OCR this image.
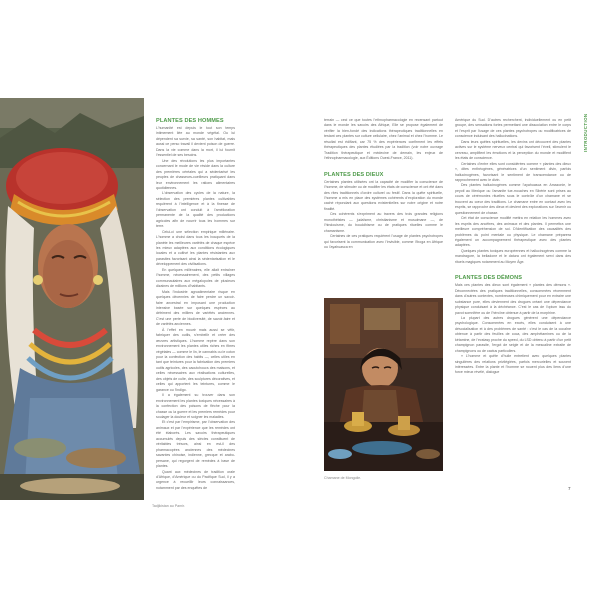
Tadjikistan au Pamir.
PLANTES DES HOMMES

L’humanité est depuis le tout son temps intimement liée au monde végétal. Ou lui dépendent sa survie, sa santé, son habitat, mais aussi ce perso travail il devient poison de guerre. Dans la vie comme dans la mort, il lui fournit l’essentiel de ses besoins.

Une des révolutions les plus importantes concernant le mode de vie réside dans la culture des premières céréales qui a sédentarisé les peuples de chasseurs-cueilleurs pratiquant dans leur environnement les rations alimentaires quotidiennes.

L’observation des cycles de la nature, la sélection des premières plantes cultivables requièrent à l’intelligence et à la finesse de l’observation ont conduit à l’amélioration permanente de la qualité des productions agricoles afin de nourrir tous les hommes sur terre.

Celui-ci une sélection empirique millénaire. L’homme a choisi dans tous les bouquets de la planète les meilleures variétés de chaque espèce les mieux adaptées aux conditions écologiques locales et a cultivé les plantes résistantes aux parasites favorisant ainsi la sédentarisation et le développement des civilisations.

En quelques millénaires, elle allait entraîner l’homme, nécessairement, des petits villages communautaires aux mégalopoles de plusieurs dizaines de millions d’habitants.

Mais l’industrie agroalimentaire risque en quelques décennies de faire perdre un savoir-faire ancestral en imposant une production intensive basée sur quelques espèces au détriment des milliers de variétés anciennes. C’est une perte de biodiversité, de savoir-faire et de variétés anciennes.

À l’effet en mourir mais aussi se vêtir, fabriquer des outils, s’embellir et créer des œuvres artistiques. L’homme repère dans son environnement les plantes utiles riches en fibres végétales — comme le lin, le cannabis ou le coton pour la confection des habits —, celles utiles en tant que teintures pour la fabrication des premiers outils agricoles, des caoutchoucs des maisons, et celles nécessaires aux réalisations culturelles, des objets de culte, des sculptures décoratives, et celles qui apportent les teintures, comme le garance ou l’indigo.

Il a également su trouver dans son environnement les plantes toxiques nécessaires à la confection des poisons de flèche pour la chasse ou la guerre et les premiers remèdes pour soulager la douleur et soigner les maladies.

Et c’est par l’empirisme, par l’observation des animaux et par l’expérience que les remèdes ont été élaborés. Les savoirs thérapeutiques accumulés depuis des siècles constituent de véritables trésors, ainsi en est-il des pharmacopées anciennes des médecines savantes chinoise, indienne, grecque et arabo-persane, qui regorgent de remèdes à base de plantes.

Quant aux médecines de tradition orale d’Afrique, d’Amérique ou du Pacifique Sud, il y a urgence à recueillir leurs connaissances, notamment par des enquêtes de

terrain — ceci ce que toutes l’ethnopharmacologie en recensant partout dans le monde les savoirs des Afrique, Elle se propose également de vérifier la bien-fondé des indications thérapeutiques traditionnelles en testant ces plantes sur culture cellulaire, chez l’animal et chez l’homme. Le résultat est édifiant, car 75 % des expériences confirment les effets thérapeutiques des plantes étudiées par la tradition (voir notre ouvrage Tradition thérapeutique et médecine de demain, les enjeux de l’ethnopharmacologie, aux Éditions Ouest-France, 2011).

PLANTES DES DIEUX

Certaines plantes utilisées ont la capacité de modifier la conscience de l’homme, de stimuler ou de modifier les états de conscience et ont été dans des rites traditionnels d’ordre culturel ou festif. Dans la quête spirituelle, l’homme a mis en place des systèmes cohérents d’exploration du monde caché répondant aux questions existentielles sur notre origine et notre finalité.

Ces cohérents s’expriment au travers des trois grandes religions monothéistes — judaïsme, christianisme et musulmane —, de l’hindouisme, du bouddhisme ou de pratiques rituelles comme le chamanisme.

Certaines de ces pratiques requièrent l’usage de plantes psychotropes qui favorisent la communication avec l’invisible, comme l’iboga en Afrique ou l’ayahuasca en

Chamane de Mongolie.

Amérique du Sud. D’autres recherchent, individuellement ou en petit groupe, des sensations fortes permettant une dissociation entre le corps et l’esprit par l’usage de ces plantes psychotropes ou modificatrices de conscience induisant des hallucinations.

Dans leurs quêtes spirituelles, les devins ont découvert des plantes actives sur le système nerveux central qui favorisent l’éveil, stimulent le cerveau, amplifient les émotions et la perception du monde et modifient les états de conscience.

Certaines d’entre elles sont considérées comme « plantes des dieux », dites enthéogènes, génératrices d’un sentiment divin, parfois hallucinogènes, favorisant le sentiment de transcendance ou de rapprochement avec le divin.

Des plantes hallucinogènes comme l’ayahuasca en Amazonie, le peyotl au Mexique ou l’amanite tue-mouches en Sibérie sont prises au cours de cérémonies rituelles sous le contrôle d’un chamane et se trouvent au cœur des traditions. Le chamane entre en contact avec les esprits, se rapproche des dieux et devient des explorations sur l’avenir ou questionnement de chasse.

Cet état de conscience modifié mettra en relation les hommes avec les esprits des ancêtres, des animaux et des plantes. Il permettra une meilleure compréhension de soi. D’identification des causalités des problèmes du point mentale ou physique. Le chamane préparera également un accompagnement thérapeutique avec des plantes adaptées.

Quelques plantes toxiques européennes et hallucinogènes comme la mandragore, la belladone et le datura ont également servi dans des rituels magiques notamment au Moyen Âge.

PLANTES DES DÉMONS

Mais ces plantes des dieux sont également « plantes des démons ». Déconnectées des pratiques traditionnelles, consommées récemment dans d’autres contextes, nombreuses chimiquement pour en extraire une substance pure, elles deviennent des drogues créant une dépendance physique conduisant à la déchéance. C’est le cas de l’opium issu du pavot somnifère ou de l’héroïne obtenue à partir de la morphine.

La plupart des autres drogues génèrent une dépendance psychologique. Consommées en excès, elles conduisent à une désocialisation et à des problèmes de santé : c’est le cas de la cocaïne obtenue à partir des feuilles de coca, des amphétamines ou de la kétamine, de l’ecstasy proche du speed, du LSD obtenu à partir d’un petit champignon parasite, l’ergot de seigle et de la mescaline extraite de champignons ou de cactus particuliers.

« L’homme et quête d’huile entretient avec quelques plantes singulières des relations privilégiées, parfois mercurielles et souvent intéressées. Entre la plante et l’homme se nouent plus des liens d’une force mieux révélé, dialogue

INTRODUCTION
7
